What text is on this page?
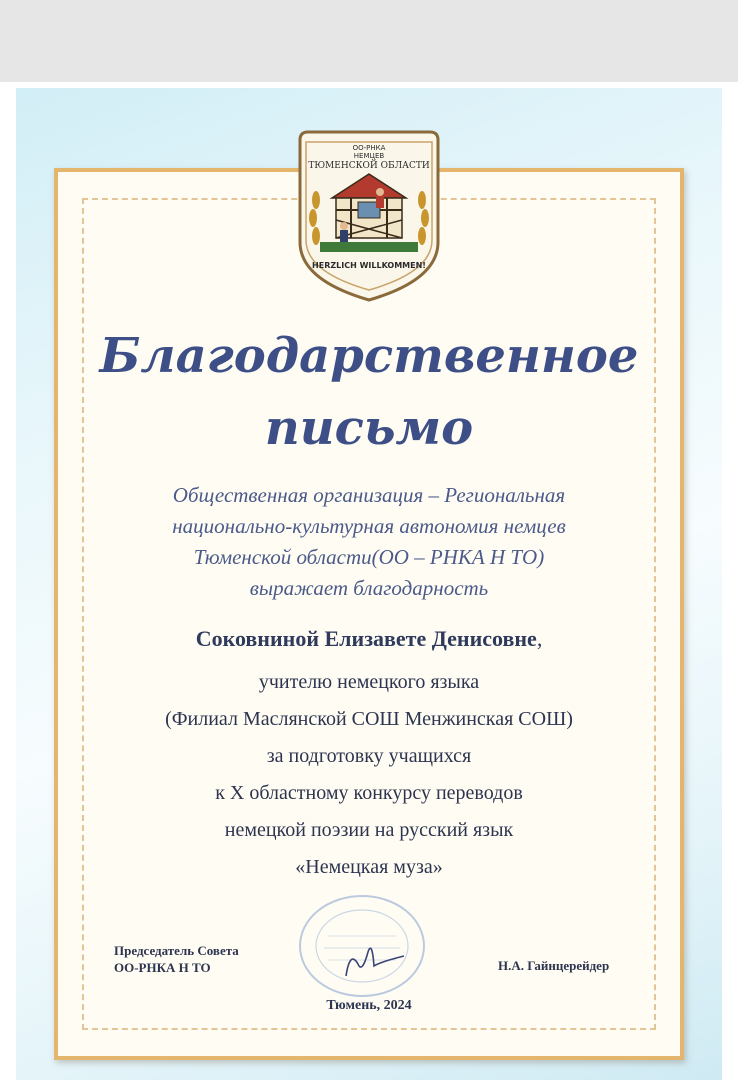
ОО-РНКА
НЕМЦЕВ
ТЮМЕНСКОЙ ОБЛАСТИ
HERZLICH WILLKOMMEN!
Благодарственное
письмо
Общественная организация – Региональная
национально-культурная автономия немцев
Тюменской области(ОО – РНКА Н ТО)
выражает благодарность
Соковниной Елизавете Денисовне,
учителю немецкого языка
(Филиал Маслянской СОШ Менжинская СОШ)
за подготовку учащихся
к X областному конкурсу переводов
немецкой поэзии на русский язык
«Немецкая муза»
Председатель Совета
ОО-РНКА Н ТО	Н.А. Гайнцерейдер
Тюмень, 2024
